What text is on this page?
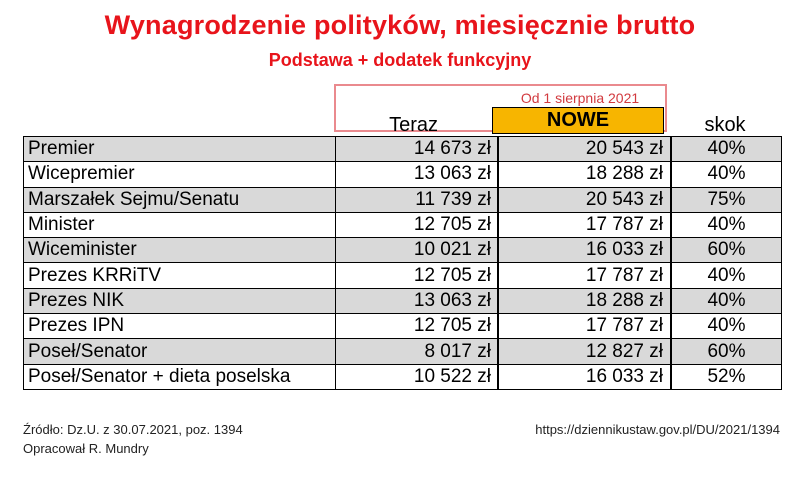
Wynagrodzenie polityków, miesięcznie brutto
Podstawa + dodatek funkcyjny
Od 1 sierpnia 2021
Teraz	NOWE	skok
Premier	14 673 zł	20 543 zł	40%
Wicepremier	13 063 zł	18 288 zł	40%
Marszałek Sejmu/Senatu	11 739 zł	20 543 zł	75%
Minister	12 705 zł	17 787 zł	40%
Wiceminister	10 021 zł	16 033 zł	60%
Prezes KRRiTV	12 705 zł	17 787 zł	40%
Prezes NIK	13 063 zł	18 288 zł	40%
Prezes IPN	12 705 zł	17 787 zł	40%
Poseł/Senator	8 017 zł	12 827 zł	60%
Poseł/Senator + dieta poselska	10 522 zł	16 033 zł	52%
Źródło: Dz.U. z 30.07.2021, poz. 1394
Opracował R. Mundry
https://dziennikustaw.gov.pl/DU/2021/1394
